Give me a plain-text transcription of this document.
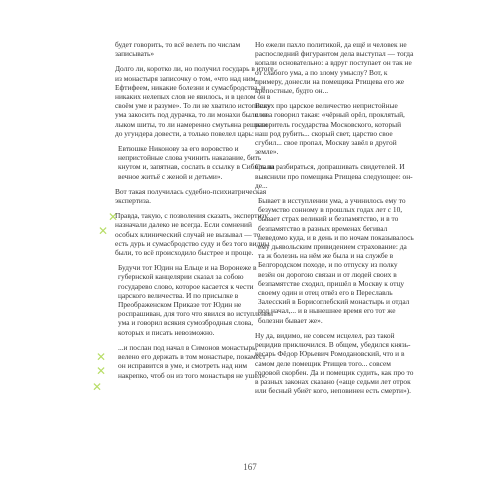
✕
✕
✕
✕
✕

будет говорить, то всё велеть по числам записывать»

Долго ли, коротко ли, но получил государь в итоге из монастыря записочку о том, «что над ним, Ефтифеем, никакие болезни и сумасбродства, и никаких нелепых слов не явилось, и в целом он в своём уме и разуме». То ли не хватило истопнику ума закосить под дурачка, то ли монахи были не лыком шиты, то ли намеренно смутьяна решили до угундера довести, а только повелел царь:

Евтюшке Никонову за его воровство и непристойные слова учинить наказание, бить кнутом и, запятнав, сослать в ссылку в Сибирь на вечное житьё с женой и детьми».

Вот такая получилась судебно-психиатрическая экспертиза.

Правда, такую, с позволения сказать, экспертизу назначали далеко не всегда. Если сомнений особых клинический случай не вызывал — то есть дурь и сумасбродство суду и без того видны были, то всё происходило быстрее и проще.

Будучи тот Юдин на Ельце и на Воронеже в губернской канцелярии сказал за собою государево слово, которое касается к чести царского величества. И по присылке в Преображенском Приказе тот Юдин не роспрашиван, для того что явился во иступлении ума и говорил всякия сумозбродныя слова, которых и писать невозможно.

...и послан под начал в Симонов монастырь, велено его держать в том монастыре, покамест он исправится в уме, и смотреть над ним накрепко, чтоб он из того монастыря не ушел».

Но ежели пахло политикой, да ещё и человек не распоследний фигурантом дела выступал — тогда копали основательно: а вдруг поступает он так не от слабого ума, а по злому умыслу? Вот, к примеру, донесли на помещика Ртищева его же крепостные, будто он...

Вслух про царское величество непристойные слова говорил такая: «чёрный орёл, проклятый, разоритель государства Московского, который наш род рубить... скорый свет, царство свое сгубил... свое пропал, Москву завёл в другой земле».

Стали разбираться, допрашивать свидетелей. И выяснили про помещика Ртищева следующее: он-де...

Бывает в исступлении ума, а учинилось ему то безумство сонному в прошлых годах лет с 10, бывает страх великий и безпамятство, и в то безпамятство в разных временах бегивал неведомо куда, и в день и по ночам показывалось ему дьявольским привидением страхование: да та ж болезнь на нём же была и на службе в Белгородском походе, и по отпуску из полку везён он дорогою связан и от людей своих в безпамятстве сходил, пришёл в Москву к отцу своему один и отец отвёз его в Переславль Залесский в Борисоглебский монастырь и отдал под начал,... и в нынешнее время его тот же болезни бывает же».

Ну да, видимо, не совсем исцелел, раз такой рецидив приключился. В общем, убедился князь-кесарь Фёдор Юрьевич Ромодановский, что и в самом деле помещик Ртищев того... совсем головой скорбен. Да и помещик судить, как про то в разных законах сказано («аще седьми лет отрок или бесный убиёт кого, неповинен есть смерти»).

167
